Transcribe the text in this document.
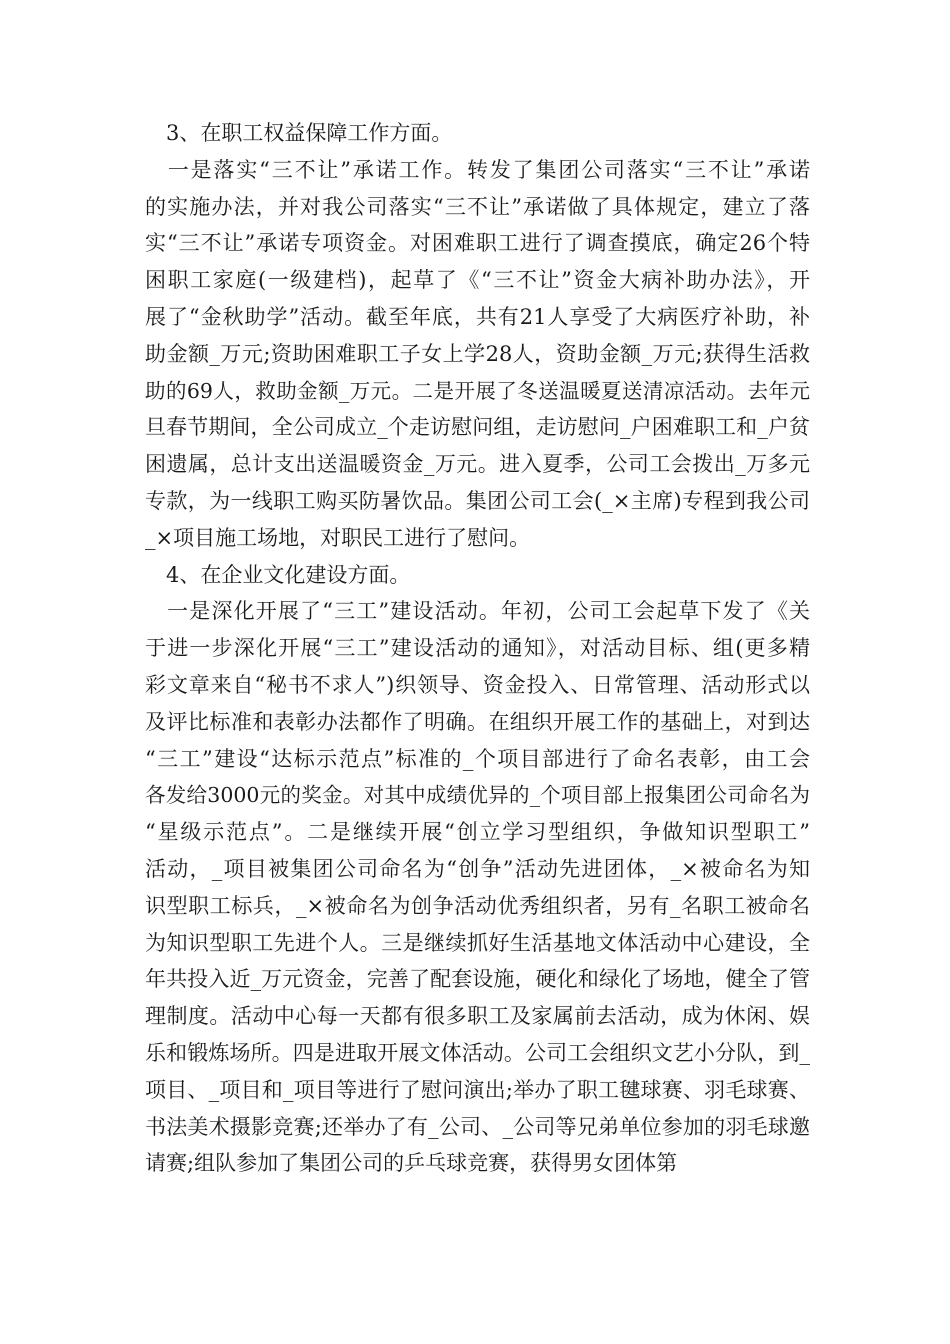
　3、在职工权益保障工作方面。
　一是落实“三不让”承诺工作。转发了集团公司落实“三不让”承诺
的实施办法，并对我公司落实“三不让”承诺做了具体规定，建立了落
实“三不让”承诺专项资金。对困难职工进行了调查摸底，确定26个特
困职工家庭(一级建档)，起草了《“三不让”资金大病补助办法》，开
展了“金秋助学”活动。截至年底，共有21人享受了大病医疗补助，补
助金额_万元;资助困难职工子女上学28人，资助金额_万元;获得生活救
助的69人，救助金额_万元。二是开展了冬送温暖夏送清凉活动。去年元
旦春节期间，全公司成立_个走访慰问组，走访慰问_户困难职工和_户贫
困遗属，总计支出送温暖资金_万元。进入夏季，公司工会拨出_万多元
专款，为一线职工购买防暑饮品。集团公司工会(_×主席)专程到我公司
_×项目施工场地，对职民工进行了慰问。
　4、在企业文化建设方面。
　一是深化开展了“三工”建设活动。年初，公司工会起草下发了《关
于进一步深化开展“三工”建设活动的通知》，对活动目标、组(更多精
彩文章来自“秘书不求人”)织领导、资金投入、日常管理、活动形式以
及评比标准和表彰办法都作了明确。在组织开展工作的基础上，对到达
“三工”建设“达标示范点”标准的_个项目部进行了命名表彰，由工会
各发给3000元的奖金。对其中成绩优异的_个项目部上报集团公司命名为
“星级示范点”。二是继续开展“创立学习型组织，争做知识型职工”
活动，_项目被集团公司命名为“创争”活动先进团体，_×被命名为知
识型职工标兵，_×被命名为创争活动优秀组织者，另有_名职工被命名
为知识型职工先进个人。三是继续抓好生活基地文体活动中心建设，全
年共投入近_万元资金，完善了配套设施，硬化和绿化了场地，健全了管
理制度。活动中心每一天都有很多职工及家属前去活动，成为休闲、娱
乐和锻炼场所。四是进取开展文体活动。公司工会组织文艺小分队，到_
项目、_项目和_项目等进行了慰问演出;举办了职工毽球赛、羽毛球赛、
书法美术摄影竞赛;还举办了有_公司、_公司等兄弟单位参加的羽毛球邀
请赛;组队参加了集团公司的乒乓球竞赛，获得男女团体第
